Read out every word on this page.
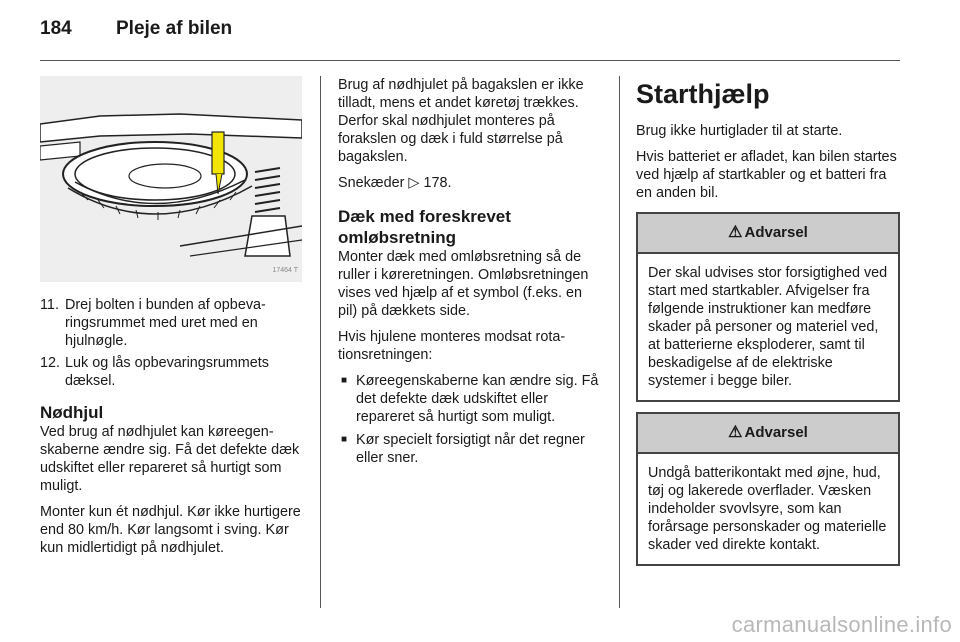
184 Pleje af bilen
17464 T
11. Drej bolten i bunden af opbevaringsrummet med uret med en hjulnøgle.
12. Luk og lås opbevaringsrummets dæksel.
Nødhjul

Ved brug af nødhjulet kan køreegenskaberne ændre sig. Få det defekte dæk udskiftet eller repareret så hurtigt som muligt.

Monter kun ét nødhjul. Kør ikke hurtigere end 80 km/h. Kør langsomt i sving. Kør kun midlertidigt på nødhjulet.

Brug af nødhjulet på bagakslen er ikke tilladt, mens et andet køretøj trækkes. Derfor skal nødhjulet monteres på forakslen og dæk i fuld størrelse på bagakslen.

Snekæder ▷ 178.

Dæk med foreskrevet omløbsretning

Monter dæk med omløbsretning så de ruller i køreretningen. Omløbsretningen vises ved hjælp af et symbol (f.eks. en pil) på dækkets side.

Hvis hjulene monteres modsat rotationsretningen:

■ Køreegenskaberne kan ændre sig. Få det defekte dæk udskiftet eller repareret så hurtigt som muligt.
■ Kør specielt forsigtigt når det regner eller sner.
Starthjælp

Brug ikke hurtiglader til at starte.

Hvis batteriet er afladet, kan bilen startes ved hjælp af startkabler og et batteri fra en anden bil.

⚠ Advarsel
Der skal udvises stor forsigtighed ved start med startkabler. Afvigelser fra følgende instruktioner kan medføre skader på personer og materiel ved, at batterierne eksploderer, samt til beskadigelse af de elektriske systemer i begge biler.
⚠ Advarsel
Undgå batterikontakt med øjne, hud, tøj og lakerede overflader. Væsken indeholder svovlsyre, som kan forårsage personskader og materielle skader ved direkte kontakt.
carmanualsonline.info
